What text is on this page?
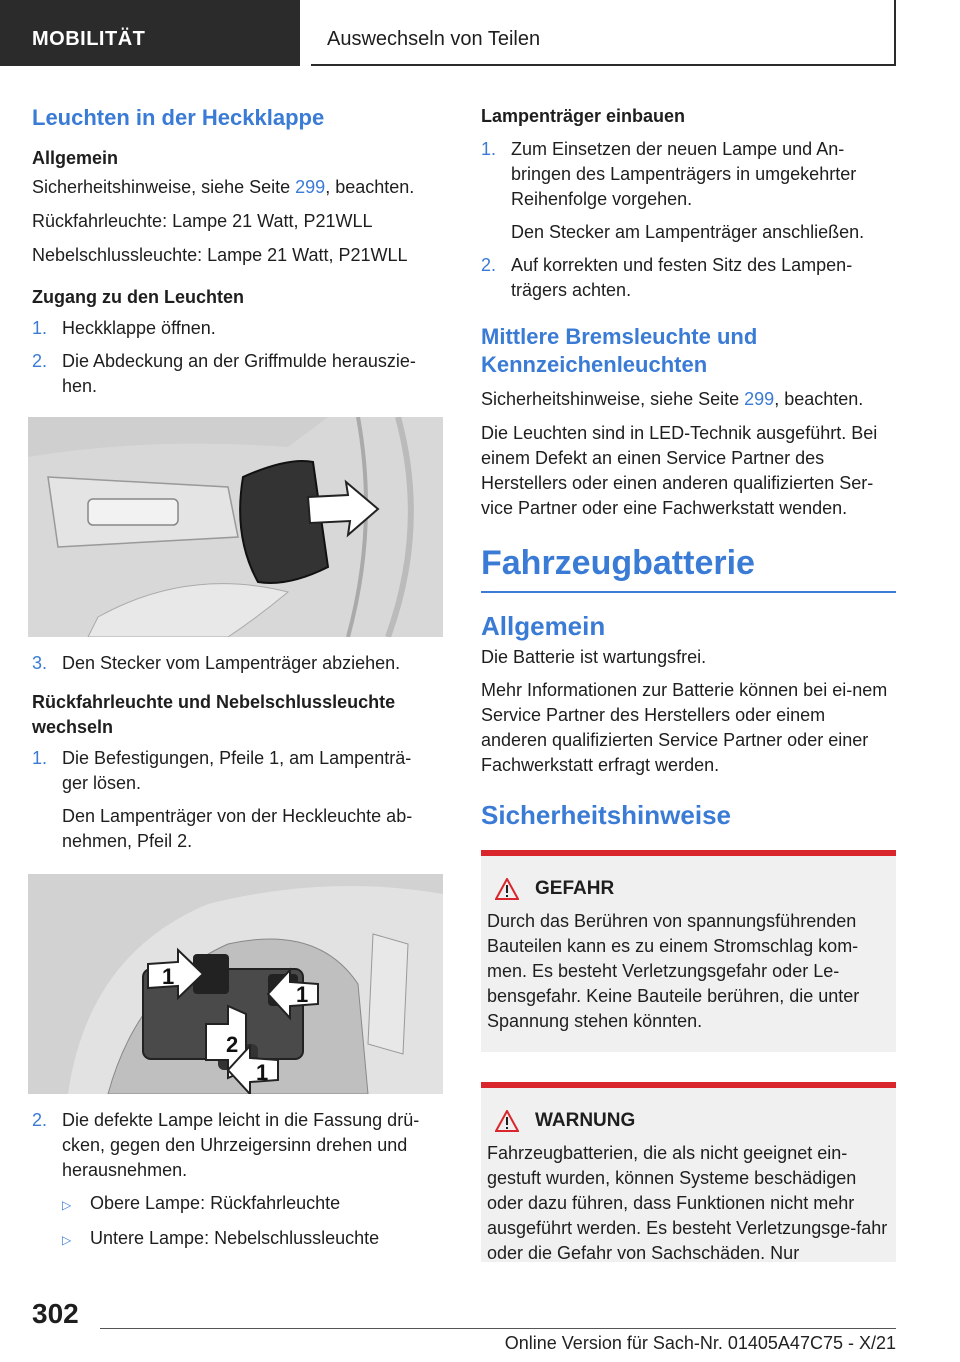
MOBILITÄT	Auswechseln von Teilen
Leuchten in der Heckklappe
Allgemein

Sicherheitshinweise, siehe Seite 299, beachten.

Rückfahrleuchte: Lampe 21 Watt, P21WLL

Nebelschlussleuchte: Lampe 21 Watt, P21WLL

Zugang zu den Leuchten
1. Heckklappe öffnen.
2. Die Abdeckung an der Griffmulde herauszie-hen.
3. Den Stecker vom Lampenträger abziehen.
Rückfahrleuchte und Nebelschlussleuchte wechseln
1. Die Befestigungen, Pfeile 1, am Lampenträ-ger lösen.

Den Lampenträger von der Heckleuchte ab-nehmen, Pfeil 2.

1
1
2
1
2. Die defekte Lampe leicht in die Fassung drü-cken, gegen den Uhrzeigersinn drehen und herausnehmen.

▷	Obere Lampe: Rückfahrleuchte
▷	Untere Lampe: Nebelschlussleuchte
Lampenträger einbauen
1. Zum Einsetzen der neuen Lampe und An-bringen des Lampenträgers in umgekehrter Reihenfolge vorgehen.

Den Stecker am Lampenträger anschließen.

2. Auf korrekten und festen Sitz des Lampen-trägers achten.
Mittlere Bremsleuchte und Kennzeichenleuchten

Sicherheitshinweise, siehe Seite 299, beachten.

Die Leuchten sind in LED-Technik ausgeführt. Bei einem Defekt an einen Service Partner des Herstellers oder einen anderen qualifizierten Ser-vice Partner oder eine Fachwerkstatt wenden.

Fahrzeugbatterie
Allgemein

Die Batterie ist wartungsfrei.

Mehr Informationen zur Batterie können bei ei-nem Service Partner des Herstellers oder einem anderen qualifizierten Service Partner oder einer Fachwerkstatt erfragt werden.

Sicherheitshinweise
GEFAHR

Durch das Berühren von spannungsführenden Bauteilen kann es zu einem Stromschlag kom-men. Es besteht Verletzungsgefahr oder Le-bensgefahr. Keine Bauteile berühren, die unter Spannung stehen könnten.

WARNUNG

Fahrzeugbatterien, die als nicht geeignet ein-gestuft wurden, können Systeme beschädigen oder dazu führen, dass Funktionen nicht mehr ausgeführt werden. Es besteht Verletzungsge-fahr oder die Gefahr von Sachschäden. Nur

302
Online Version für Sach-Nr. 01405A47C75 - X/21
